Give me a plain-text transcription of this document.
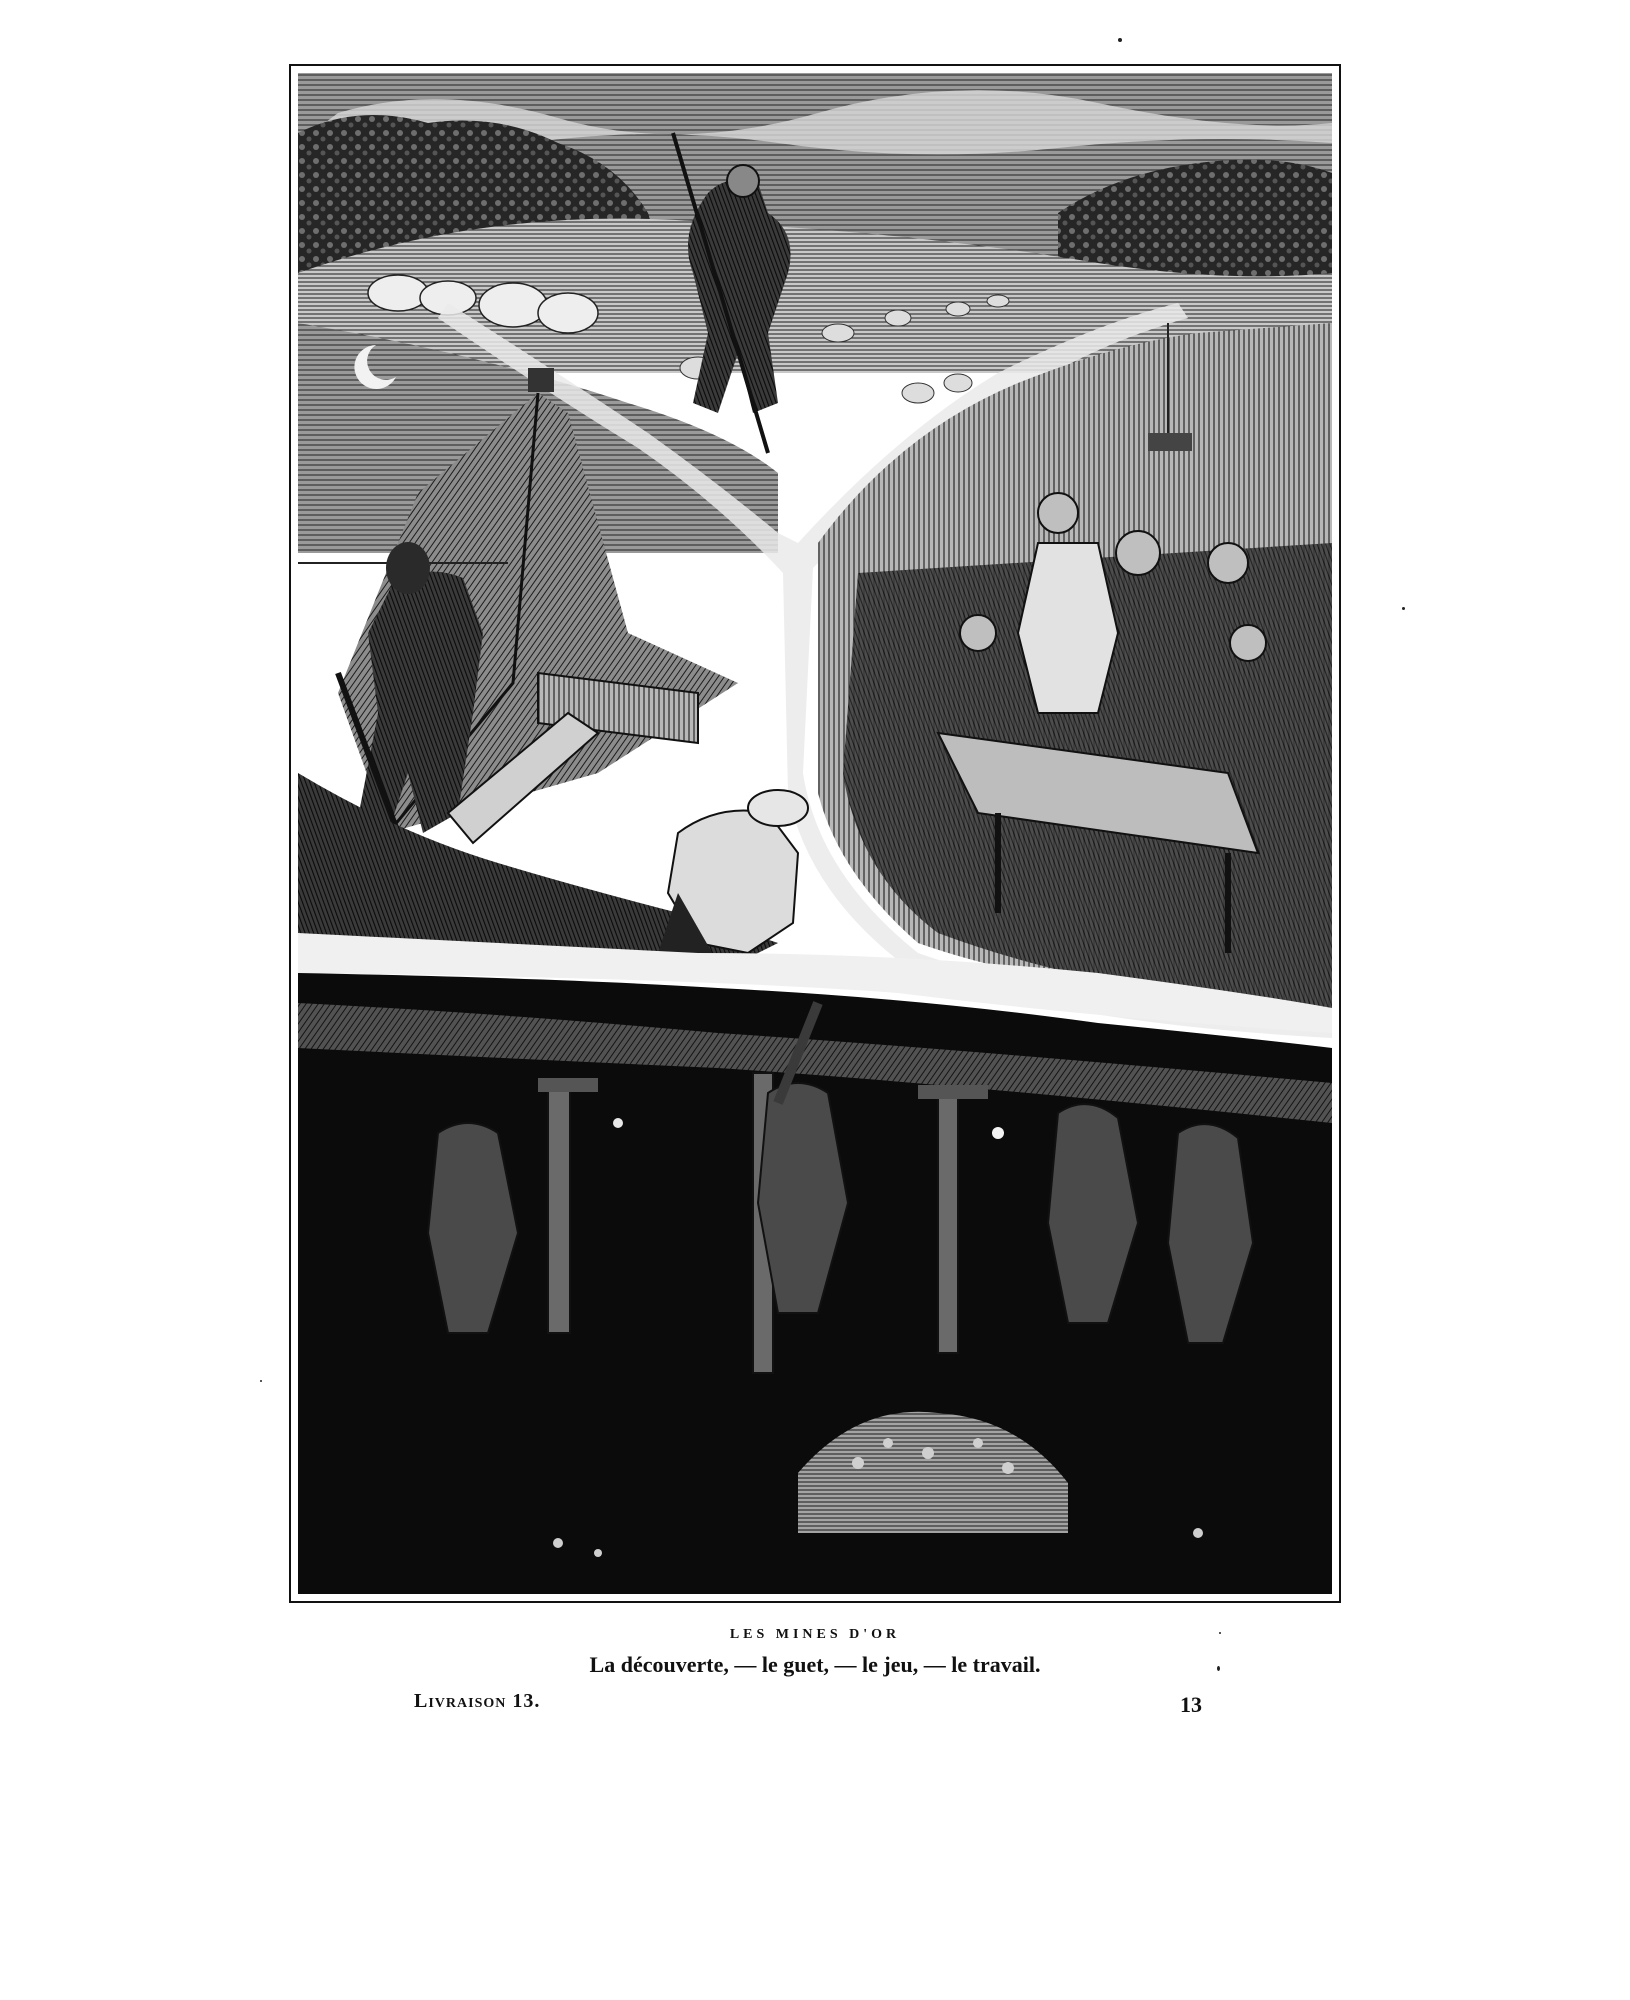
LES MINES D'OR
La découverte, — le guet, — le jeu, — le travail.
Livraison 13.	13
